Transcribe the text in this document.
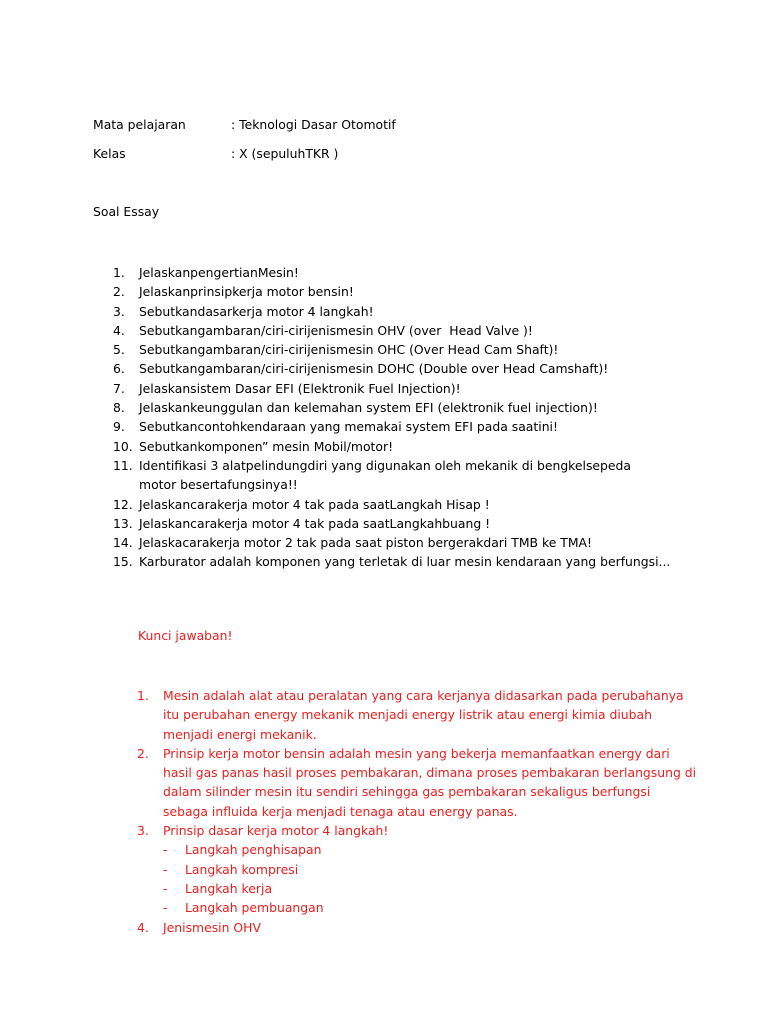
Mata pelajaran	: Teknologi Dasar Otomotif
Kelas	: X (sepuluhTKR )
Soal Essay
1. JelaskanpengertianMesin!
2. Jelaskanprinsipkerja motor bensin!
3. Sebutkandasarkerja motor 4 langkah!
4. Sebutkangambaran/ciri-cirijenismesin OHV (over  Head Valve )!
5. Sebutkangambaran/ciri-cirijenismesin OHC (Over Head Cam Shaft)!
6. Sebutkangambaran/ciri-cirijenismesin DOHC (Double over Head Camshaft)!
7. Jelaskansistem Dasar EFI (Elektronik Fuel Injection)!
8. Jelaskankeunggulan dan kelemahan system EFI (elektronik fuel injection)!
9. Sebutkancontohkendaraan yang memakai system EFI pada saatini!
10. Sebutkankomponen” mesin Mobil/motor!
11. Identifikasi 3 alatpelindungdiri yang digunakan oleh mekanik di bengkelsepeda motor besertafungsinya!!
12. Jelaskancarakerja motor 4 tak pada saatLangkah Hisap !
13. Jelaskancarakerja motor 4 tak pada saatLangkahbuang !
14. Jelaskacarakerja motor 2 tak pada saat piston bergerakdari TMB ke TMA!
15. Karburator adalah komponen yang terletak di luar mesin kendaraan yang berfungsi...
Kunci jawaban!
1. Mesin adalah alat atau peralatan yang cara kerjanya didasarkan pada perubahanya itu perubahan energy mekanik menjadi energy listrik atau energi kimia diubah menjadi energi mekanik.
2. Prinsip kerja motor bensin adalah mesin yang bekerja memanfaatkan energy dari hasil gas panas hasil proses pembakaran, dimana proses pembakaran berlangsung di dalam silinder mesin itu sendiri sehingga gas pembakaran sekaligus berfungsi sebaga influida kerja menjadi tenaga atau energy panas.
3. Prinsip dasar kerja motor 4 langkah!
- Langkah penghisapan
- Langkah kompresi
- Langkah kerja
- Langkah pembuangan
4. Jenismesin OHV
